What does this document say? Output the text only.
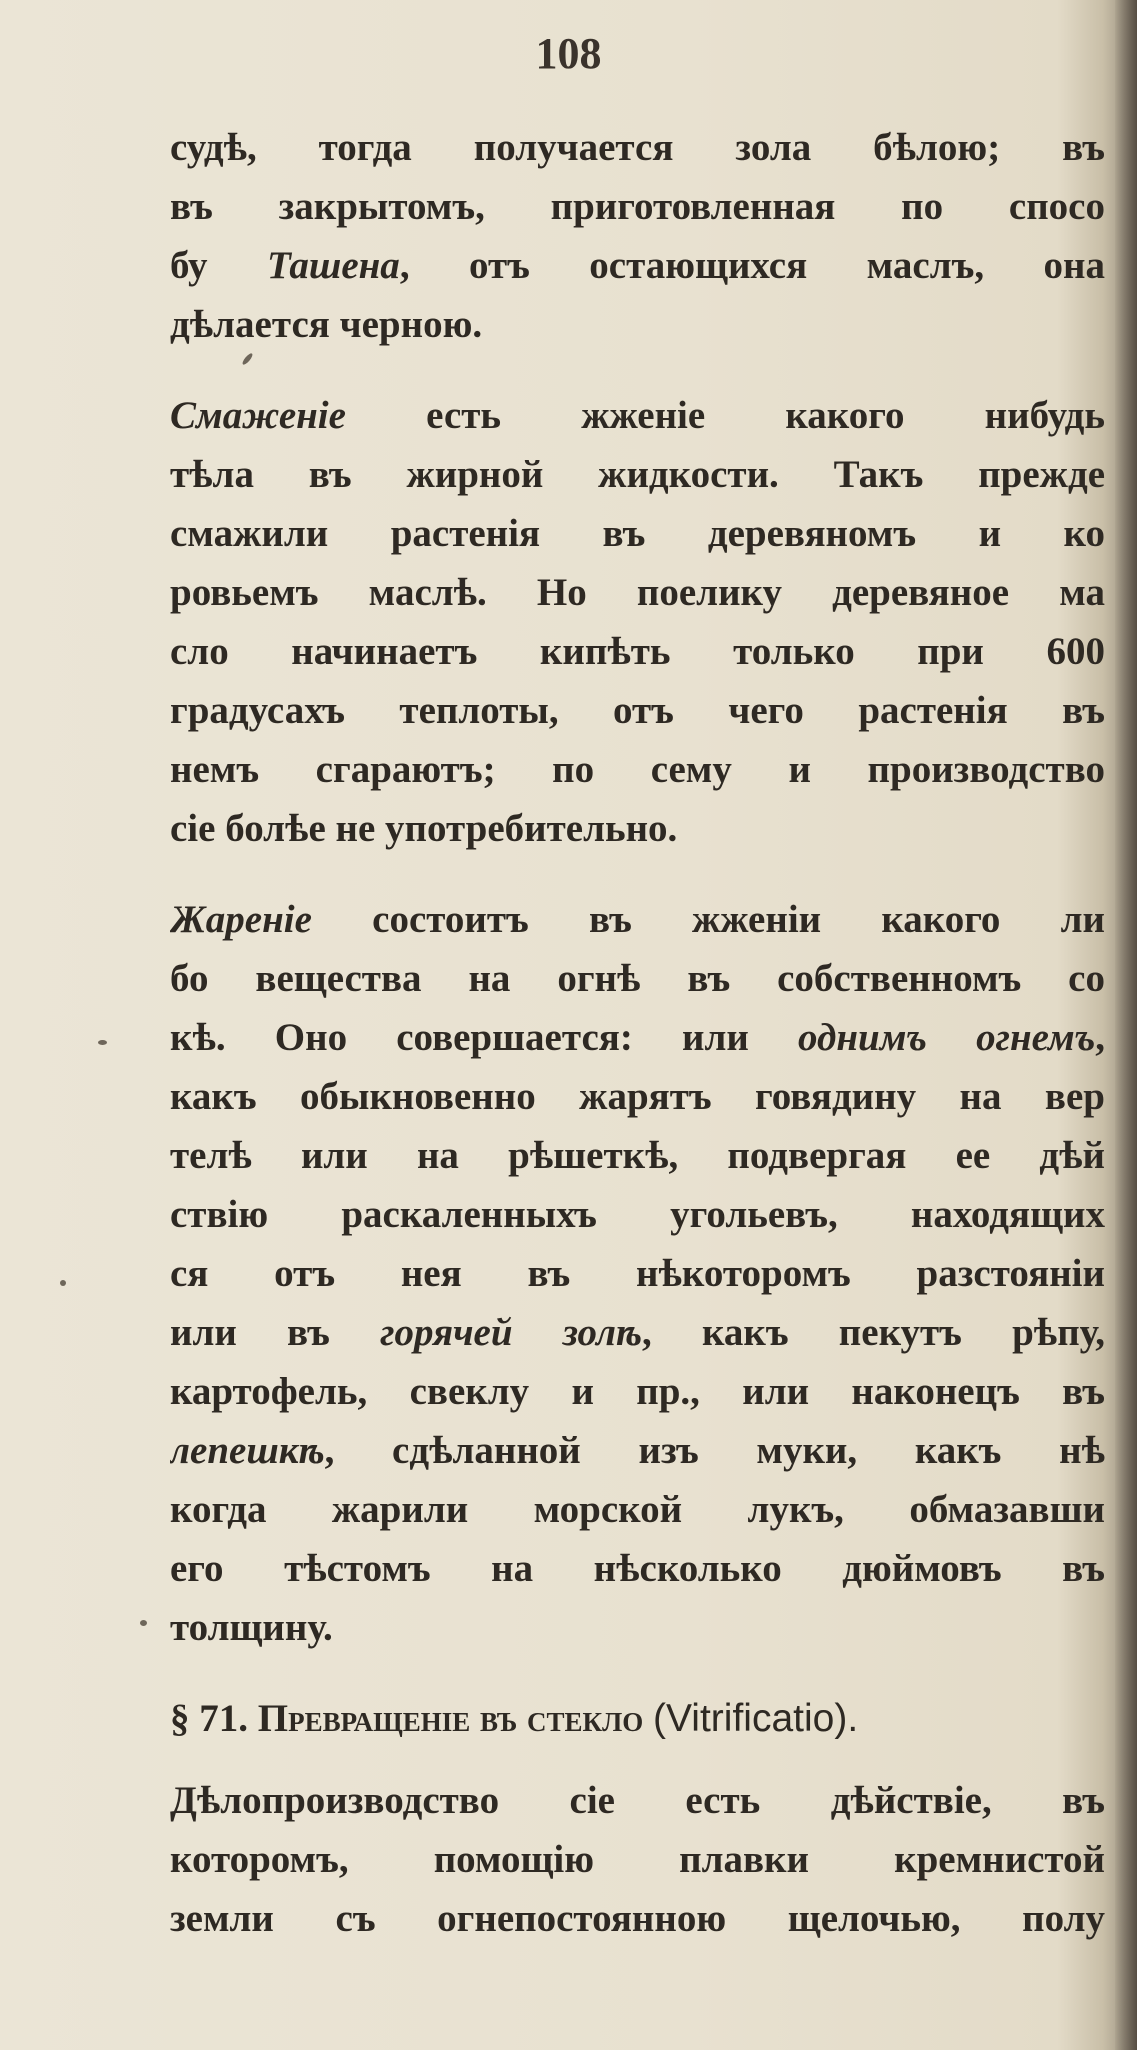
108
судѣ, тогда получается зола бѣлою; въ
въ закрытомъ, приготовленная по спосо
бу Ташена, отъ остающихся маслъ, она
дѣлается черною.
Смаженіе есть жженіе какого нибудь
тѣла въ жирной жидкости. Такъ прежде
смажили растенія въ деревяномъ и ко
ровьемъ маслѣ. Но поелику деревяное ма
сло начинаетъ кипѣть только при 600
градусахъ теплоты, отъ чего растенія въ
немъ сгараютъ; по сему и производство
сіе болѣе не употребительно.
Жареніе состоитъ въ жженіи какого ли
бо вещества на огнѣ въ собственномъ со
кѣ. Оно совершается: или однимъ огнемъ,
какъ обыкновенно жарятъ говядину на вер
телѣ или на рѣшеткѣ, подвергая ее дѣй
ствію раскаленныхъ угольевъ, находящих
ся отъ нея въ нѣкоторомъ разстояніи
или въ горячей золѣ, какъ пекутъ рѣпу,
картофель, свеклу и пр., или наконецъ въ
лепешкѣ, сдѣланной изъ муки, какъ нѣ
когда жарили морской лукъ, обмазавши
его тѣстомъ на нѣсколько дюймовъ въ
толщину.
§ 71. Превращеніе въ стекло (Vitrificatio).
Дѣлопроизводство сіе есть дѣйствіе, въ
которомъ, помощію плавки кремнистой
земли съ огнепостоянною щелочью, полу
